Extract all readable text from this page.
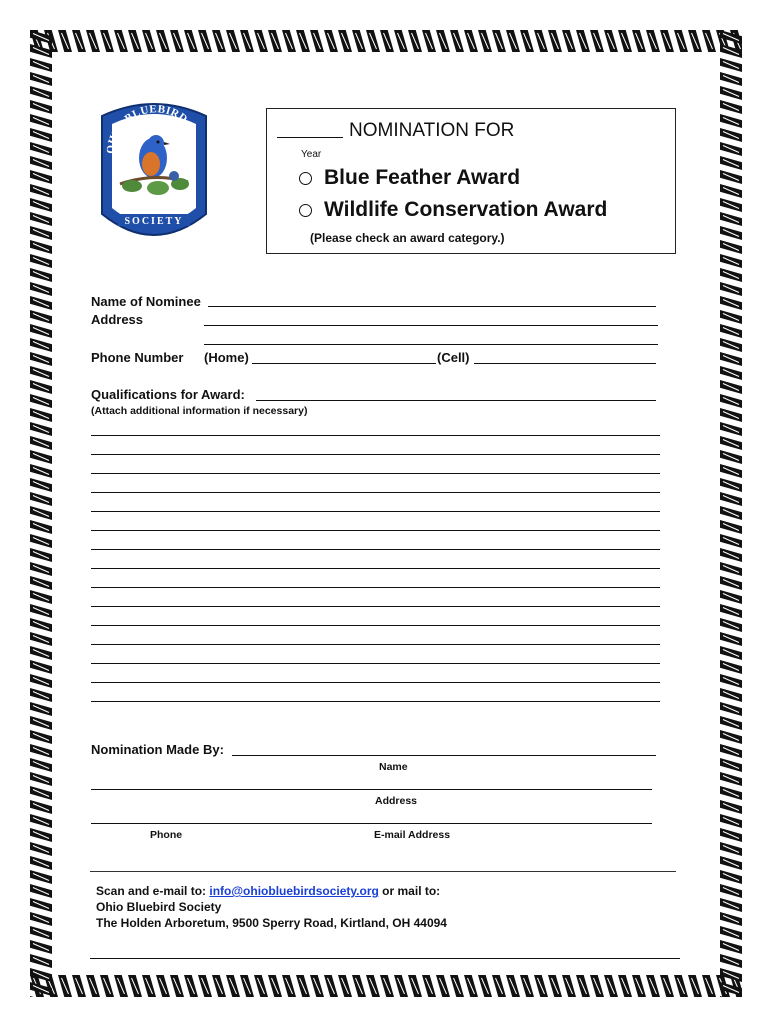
OHIO BLUEBIRD
SOCIETY
NOMINATION FOR
Year
Blue Feather Award
Wildlife Conservation Award
(Please check an award category.)
Name of Nominee
Address
Phone Number (Home)	(Cell)
Qualifications for Award:
(Attach additional information if necessary)
Nomination Made By:
Name
Address
Phone	E-mail Address
Scan and e-mail to: info@ohiobluebirdsociety.org or mail to:
Ohio Bluebird Society
The Holden Arboretum, 9500 Sperry Road, Kirtland, OH 44094
